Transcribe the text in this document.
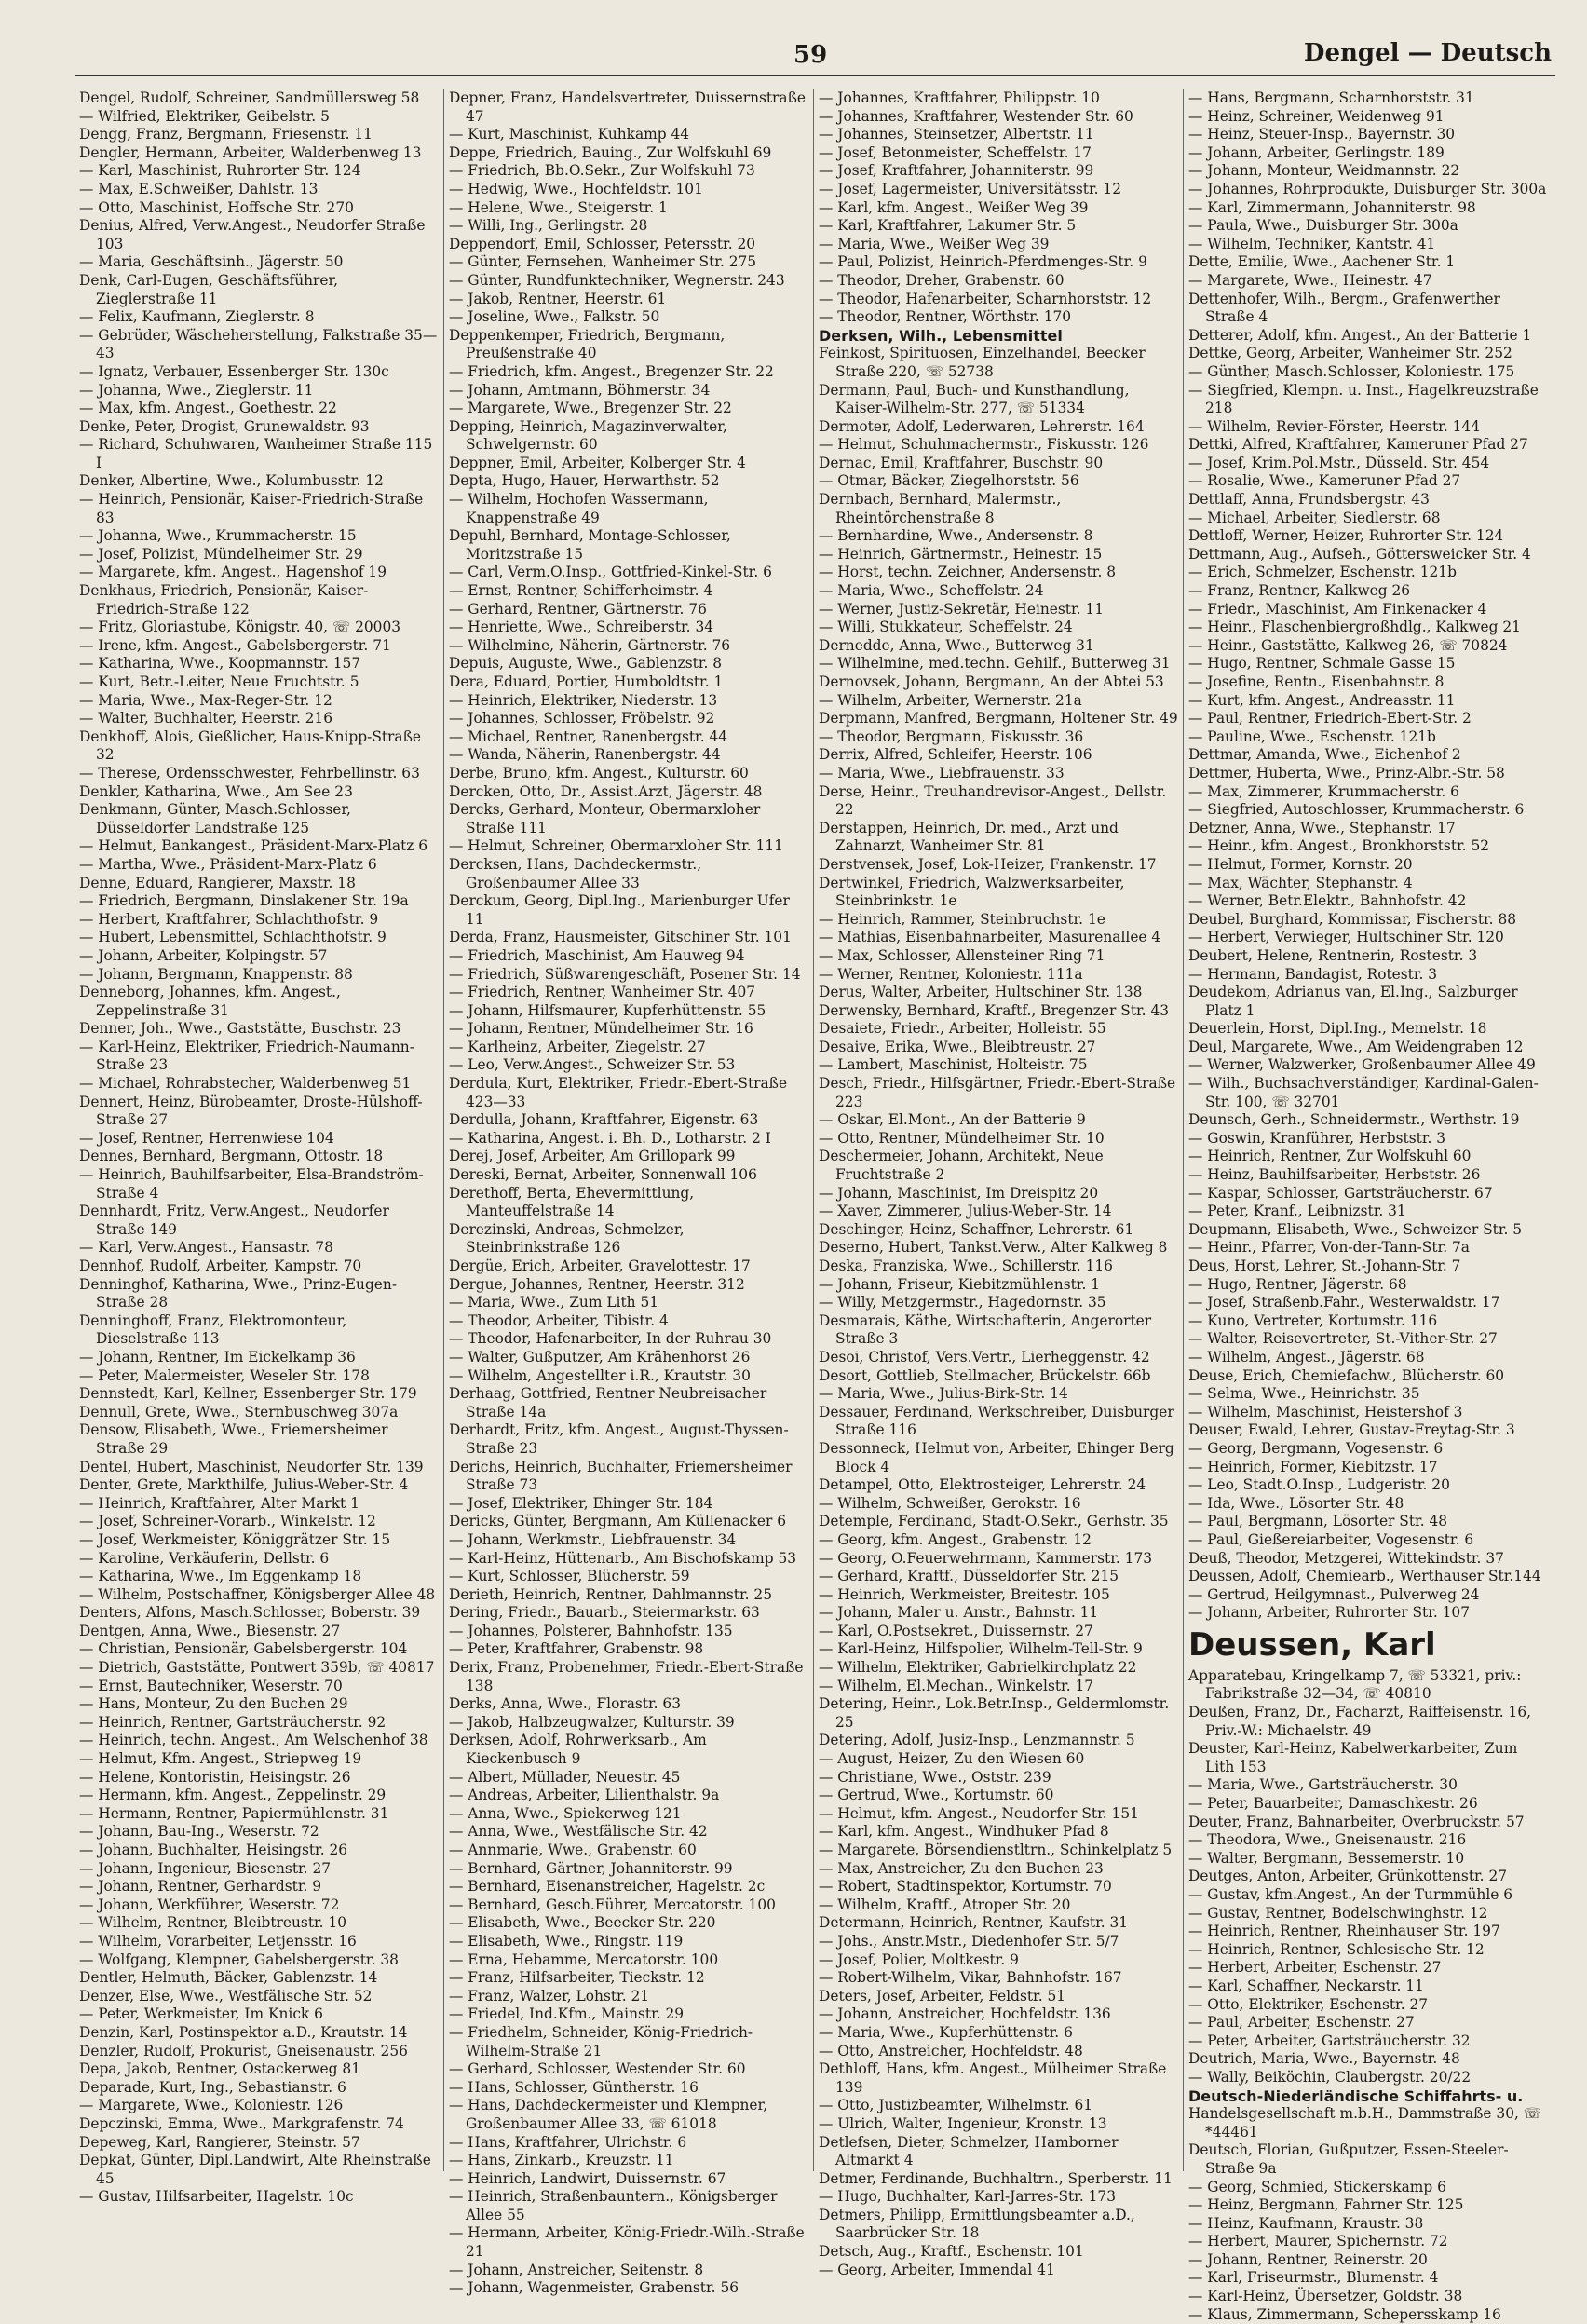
59	Dengel — Deutsch
Dengel, Rudolf, Schreiner, Sandmüllersweg 58
— Wilfried, Elektriker, Geibelstr. 5
Dengg, Franz, Bergmann, Friesenstr. 11
Dengler, Hermann, Arbeiter, Walderbenweg 13
— Karl, Maschinist, Ruhrorter Str. 124
— Max, E.Schweißer, Dahlstr. 13
— Otto, Maschinist, Hoffsche Str. 270
Denius, Alfred, Verw.Angest., Neudorfer Straße 103
— Maria, Geschäftsinh., Jägerstr. 50
Denk, Carl-Eugen, Geschäftsführer, Zieglerstraße 11
— Felix, Kaufmann, Zieglerstr. 8
— Gebrüder, Wäscheherstellung, Falkstraße 35—43
— Ignatz, Verbauer, Essenberger Str. 130c
— Johanna, Wwe., Zieglerstr. 11
— Max, kfm. Angest., Goethestr. 22
Denke, Peter, Drogist, Grunewaldstr. 93
— Richard, Schuhwaren, Wanheimer Straße 115 I
Denker, Albertine, Wwe., Kolumbusstr. 12
— Heinrich, Pensionär, Kaiser-Friedrich-Straße 83
— Johanna, Wwe., Krummacherstr. 15
— Josef, Polizist, Mündelheimer Str. 29
— Margarete, kfm. Angest., Hagenshof 19
Denkhaus, Friedrich, Pensionär, Kaiser-Friedrich-Straße 122
— Fritz, Gloriastube, Königstr. 40, ☏ 20003
— Irene, kfm. Angest., Gabelsbergerstr. 71
— Katharina, Wwe., Koopmannstr. 157
— Kurt, Betr.-Leiter, Neue Fruchtstr. 5
— Maria, Wwe., Max-Reger-Str. 12
— Walter, Buchhalter, Heerstr. 216
Denkhoff, Alois, Gießlicher, Haus-Knipp-Straße 32
— Therese, Ordensschwester, Fehrbellinstr. 63
Denkler, Katharina, Wwe., Am See 23
Denkmann, Günter, Masch.Schlosser, Düsseldorfer Landstraße 125
— Helmut, Bankangest., Präsident-Marx-Platz 6
— Martha, Wwe., Präsident-Marx-Platz 6
Denne, Eduard, Rangierer, Maxstr. 18
— Friedrich, Bergmann, Dinslakener Str. 19a
— Herbert, Kraftfahrer, Schlachthofstr. 9
— Hubert, Lebensmittel, Schlachthofstr. 9
— Johann, Arbeiter, Kolpingstr. 57
— Johann, Bergmann, Knappenstr. 88
Denneborg, Johannes, kfm. Angest., Zeppelinstraße 31
Denner, Joh., Wwe., Gaststätte, Buschstr. 23
— Karl-Heinz, Elektriker, Friedrich-Naumann-Straße 23
— Michael, Rohrabstecher, Walderbenweg 51
Dennert, Heinz, Bürobeamter, Droste-Hülshoff-Straße 27
— Josef, Rentner, Herrenwiese 104
Dennes, Bernhard, Bergmann, Ottostr. 18
— Heinrich, Bauhilfsarbeiter, Elsa-Brandström-Straße 4
Dennhardt, Fritz, Verw.Angest., Neudorfer Straße 149
— Karl, Verw.Angest., Hansastr. 78
Dennhof, Rudolf, Arbeiter, Kampstr. 70
Denninghof, Katharina, Wwe., Prinz-Eugen-Straße 28
Denninghoff, Franz, Elektromonteur, Dieselstraße 113
— Johann, Rentner, Im Eickelkamp 36
— Peter, Malermeister, Weseler Str. 178
Dennstedt, Karl, Kellner, Essenberger Str. 179
Dennull, Grete, Wwe., Sternbuschweg 307a
Densow, Elisabeth, Wwe., Friemersheimer Straße 29
Dentel, Hubert, Maschinist, Neudorfer Str. 139
Denter, Grete, Markthilfe, Julius-Weber-Str. 4
— Heinrich, Kraftfahrer, Alter Markt 1
— Josef, Schreiner-Vorarb., Winkelstr. 12
— Josef, Werkmeister, Königgrätzer Str. 15
— Karoline, Verkäuferin, Dellstr. 6
— Katharina, Wwe., Im Eggenkamp 18
— Wilhelm, Postschaffner, Königsberger Allee 48
Denters, Alfons, Masch.Schlosser, Boberstr. 39
Dentgen, Anna, Wwe., Biesenstr. 27
— Christian, Pensionär, Gabelsbergerstr. 104
— Dietrich, Gaststätte, Pontwert 359b, ☏ 40817
— Ernst, Bautechniker, Weserstr. 70
— Hans, Monteur, Zu den Buchen 29
— Heinrich, Rentner, Gartsträucherstr. 92
— Heinrich, techn. Angest., Am Welschenhof 38
— Helmut, Kfm. Angest., Striepweg 19
— Helene, Kontoristin, Heisingstr. 26
— Hermann, kfm. Angest., Zeppelinstr. 29
— Hermann, Rentner, Papiermühlenstr. 31
— Johann, Bau-Ing., Weserstr. 72
— Johann, Buchhalter, Heisingstr. 26
— Johann, Ingenieur, Biesenstr. 27
— Johann, Rentner, Gerhardstr. 9
— Johann, Werkführer, Weserstr. 72
— Wilhelm, Rentner, Bleibtreustr. 10
— Wilhelm, Vorarbeiter, Letjensstr. 16
— Wolfgang, Klempner, Gabelsbergerstr. 38
Dentler, Helmuth, Bäcker, Gablenzstr. 14
Denzer, Else, Wwe., Westfälische Str. 52
— Peter, Werkmeister, Im Knick 6
Denzin, Karl, Postinspektor a.D., Krautstr. 14
Denzler, Rudolf, Prokurist, Gneisenaustr. 256
Depa, Jakob, Rentner, Ostackerweg 81
Deparade, Kurt, Ing., Sebastianstr. 6
— Margarete, Wwe., Koloniestr. 126
Depczinski, Emma, Wwe., Markgrafenstr. 74
Depeweg, Karl, Rangierer, Steinstr. 57
Depkat, Günter, Dipl.Landwirt, Alte Rheinstraße 45
— Gustav, Hilfsarbeiter, Hagelstr. 10c
Depner, Franz, Handelsvertreter, Duissernstraße 47
— Kurt, Maschinist, Kuhkamp 44
Deppe, Friedrich, Bauing., Zur Wolfskuhl 69
— Friedrich, Bb.O.Sekr., Zur Wolfskuhl 73
— Hedwig, Wwe., Hochfeldstr. 101
— Helene, Wwe., Steigerstr. 1
— Willi, Ing., Gerlingstr. 28
Deppendorf, Emil, Schlosser, Petersstr. 20
— Günter, Fernsehen, Wanheimer Str. 275
— Günter, Rundfunktechniker, Wegnerstr. 243
— Jakob, Rentner, Heerstr. 61
— Joseline, Wwe., Falkstr. 50
Deppenkemper, Friedrich, Bergmann, Preußenstraße 40
— Friedrich, kfm. Angest., Bregenzer Str. 22
— Johann, Amtmann, Böhmerstr. 34
— Margarete, Wwe., Bregenzer Str. 22
Depping, Heinrich, Magazinverwalter, Schwelgernstr. 60
Deppner, Emil, Arbeiter, Kolberger Str. 4
Depta, Hugo, Hauer, Herwarthstr. 52
— Wilhelm, Hochofen Wassermann, Knappenstraße 49
Depuhl, Bernhard, Montage-Schlosser, Moritzstraße 15
— Carl, Verm.O.Insp., Gottfried-Kinkel-Str. 6
— Ernst, Rentner, Schifferheimstr. 4
— Gerhard, Rentner, Gärtnerstr. 76
— Henriette, Wwe., Schreiberstr. 34
— Wilhelmine, Näherin, Gärtnerstr. 76
Depuis, Auguste, Wwe., Gablenzstr. 8
Dera, Eduard, Portier, Humboldtstr. 1
— Heinrich, Elektriker, Niederstr. 13
— Johannes, Schlosser, Fröbelstr. 92
— Michael, Rentner, Ranenbergstr. 44
— Wanda, Näherin, Ranenbergstr. 44
Derbe, Bruno, kfm. Angest., Kulturstr. 60
Dercken, Otto, Dr., Assist.Arzt, Jägerstr. 48
Dercks, Gerhard, Monteur, Obermarxloher Straße 111
— Helmut, Schreiner, Obermarxloher Str. 111
Dercksen, Hans, Dachdeckermstr., Großenbaumer Allee 33
Derckum, Georg, Dipl.Ing., Marienburger Ufer 11
Derda, Franz, Hausmeister, Gitschiner Str. 101
— Friedrich, Maschinist, Am Hauweg 94
— Friedrich, Süßwarengeschäft, Posener Str. 14
— Friedrich, Rentner, Wanheimer Str. 407
— Johann, Hilfsmaurer, Kupferhüttenstr. 55
— Johann, Rentner, Mündelheimer Str. 16
— Karlheinz, Arbeiter, Ziegelstr. 27
— Leo, Verw.Angest., Schweizer Str. 53
Derdula, Kurt, Elektriker, Friedr.-Ebert-Straße 423—33
Derdulla, Johann, Kraftfahrer, Eigenstr. 63
— Katharina, Angest. i. Bh. D., Lotharstr. 2 I
Derej, Josef, Arbeiter, Am Grillopark 99
Dereski, Bernat, Arbeiter, Sonnenwall 106
Derethoff, Berta, Ehevermittlung, Manteuffelstraße 14
Derezinski, Andreas, Schmelzer, Steinbrinkstraße 126
Dergüe, Erich, Arbeiter, Gravelottestr. 17
Dergue, Johannes, Rentner, Heerstr. 312
— Maria, Wwe., Zum Lith 51
— Theodor, Arbeiter, Tibistr. 4
— Theodor, Hafenarbeiter, In der Ruhrau 30
— Walter, Gußputzer, Am Krähenhorst 26
— Wilhelm, Angestellter i.R., Krautstr. 30
Derhaag, Gottfried, Rentner Neubreisacher Straße 14a
Derhardt, Fritz, kfm. Angest., August-Thyssen-Straße 23
Derichs, Heinrich, Buchhalter, Friemersheimer Straße 73
— Josef, Elektriker, Ehinger Str. 184
Dericks, Günter, Bergmann, Am Küllenacker 6
— Johann, Werkmstr., Liebfrauenstr. 34
— Karl-Heinz, Hüttenarb., Am Bischofskamp 53
— Kurt, Schlosser, Blücherstr. 59
Derieth, Heinrich, Rentner, Dahlmannstr. 25
Dering, Friedr., Bauarb., Steiermarkstr. 63
— Johannes, Polsterer, Bahnhofstr. 135
— Peter, Kraftfahrer, Grabenstr. 98
Derix, Franz, Probenehmer, Friedr.-Ebert-Straße 138
Derks, Anna, Wwe., Florastr. 63
— Jakob, Halbzeugwalzer, Kulturstr. 39
Derksen, Adolf, Rohrwerksarb., Am Kieckenbusch 9
— Albert, Müllader, Neuestr. 45
— Andreas, Arbeiter, Lilienthalstr. 9a
— Anna, Wwe., Spiekerweg 121
— Anna, Wwe., Westfälische Str. 42
— Annmarie, Wwe., Grabenstr. 60
— Bernhard, Gärtner, Johanniterstr. 99
— Bernhard, Eisenanstreicher, Hagelstr. 2c
— Bernhard, Gesch.Führer, Mercatorstr. 100
— Elisabeth, Wwe., Beecker Str. 220
— Elisabeth, Wwe., Ringstr. 119
— Erna, Hebamme, Mercatorstr. 100
— Franz, Hilfsarbeiter, Tieckstr. 12
— Franz, Walzer, Lohstr. 21
— Friedel, Ind.Kfm., Mainstr. 29
— Friedhelm, Schneider, König-Friedrich-Wilhelm-Straße 21
— Gerhard, Schlosser, Westender Str. 60
— Hans, Schlosser, Güntherstr. 16
— Hans, Dachdeckermeister und Klempner, Großenbaumer Allee 33, ☏ 61018
— Hans, Kraftfahrer, Ulrichstr. 6
— Hans, Zinkarb., Kreuzstr. 11
— Heinrich, Landwirt, Duissernstr. 67
— Heinrich, Straßenbauntern., Königsberger Allee 55
— Hermann, Arbeiter, König-Friedr.-Wilh.-Straße 21
— Johann, Anstreicher, Seitenstr. 8
— Johann, Wagenmeister, Grabenstr. 56
— Johannes, Kraftfahrer, Philippstr. 10
— Johannes, Kraftfahrer, Westender Str. 60
— Johannes, Steinsetzer, Albertstr. 11
— Josef, Betonmeister, Scheffelstr. 17
— Josef, Kraftfahrer, Johanniterstr. 99
— Josef, Lagermeister, Universitätsstr. 12
— Karl, kfm. Angest., Weißer Weg 39
— Karl, Kraftfahrer, Lakumer Str. 5
— Maria, Wwe., Weißer Weg 39
— Paul, Polizist, Heinrich-Pferdmenges-Str. 9
— Theodor, Dreher, Grabenstr. 60
— Theodor, Hafenarbeiter, Scharnhorststr. 12
— Theodor, Rentner, Wörthstr. 170
Derksen, Wilh., Lebensmittel
Feinkost, Spirituosen, Einzelhandel, Beecker Straße 220, ☏ 52738
Dermann, Paul, Buch- und Kunsthandlung, Kaiser-Wilhelm-Str. 277, ☏ 51334
Dermoter, Adolf, Lederwaren, Lehrerstr. 164
— Helmut, Schuhmachermstr., Fiskusstr. 126
Dernac, Emil, Kraftfahrer, Buschstr. 90
— Otmar, Bäcker, Ziegelhorststr. 56
Dernbach, Bernhard, Malermstr., Rheintörchenstraße 8
— Bernhardine, Wwe., Andersenstr. 8
— Heinrich, Gärtnermstr., Heinestr. 15
— Horst, techn. Zeichner, Andersenstr. 8
— Maria, Wwe., Scheffelstr. 24
— Werner, Justiz-Sekretär, Heinestr. 11
— Willi, Stukkateur, Scheffelstr. 24
Dernedde, Anna, Wwe., Butterweg 31
— Wilhelmine, med.techn. Gehilf., Butterweg 31
Dernovsek, Johann, Bergmann, An der Abtei 53
— Wilhelm, Arbeiter, Wernerstr. 21a
Derpmann, Manfred, Bergmann, Holtener Str. 49
— Theodor, Bergmann, Fiskusstr. 36
Derrix, Alfred, Schleifer, Heerstr. 106
— Maria, Wwe., Liebfrauenstr. 33
Derse, Heinr., Treuhandrevisor-Angest., Dellstr. 22
Derstappen, Heinrich, Dr. med., Arzt und Zahnarzt, Wanheimer Str. 81
Derstvensek, Josef, Lok-Heizer, Frankenstr. 17
Dertwinkel, Friedrich, Walzwerksarbeiter, Steinbrinkstr. 1e
— Heinrich, Rammer, Steinbruchstr. 1e
— Mathias, Eisenbahnarbeiter, Masurenallee 4
— Max, Schlosser, Allensteiner Ring 71
— Werner, Rentner, Koloniestr. 111a
Derus, Walter, Arbeiter, Hultschiner Str. 138
Derwensky, Bernhard, Kraftf., Bregenzer Str. 43
Desaiete, Friedr., Arbeiter, Holleistr. 55
Desaive, Erika, Wwe., Bleibtreustr. 27
— Lambert, Maschinist, Holteistr. 75
Desch, Friedr., Hilfsgärtner, Friedr.-Ebert-Straße 223
— Oskar, El.Mont., An der Batterie 9
— Otto, Rentner, Mündelheimer Str. 10
Deschermeier, Johann, Architekt, Neue Fruchtstraße 2
— Johann, Maschinist, Im Dreispitz 20
— Xaver, Zimmerer, Julius-Weber-Str. 14
Deschinger, Heinz, Schaffner, Lehrerstr. 61
Deserno, Hubert, Tankst.Verw., Alter Kalkweg 8
Deska, Franziska, Wwe., Schillerstr. 116
— Johann, Friseur, Kiebitzmühlenstr. 1
— Willy, Metzgermstr., Hagedornstr. 35
Desmarais, Käthe, Wirtschafterin, Angerorter Straße 3
Desoi, Christof, Vers.Vertr., Lierheggenstr. 42
Desort, Gottlieb, Stellmacher, Brückelstr. 66b
— Maria, Wwe., Julius-Birk-Str. 14
Dessauer, Ferdinand, Werkschreiber, Duisburger Straße 116
Dessonneck, Helmut von, Arbeiter, Ehinger Berg Block 4
Detampel, Otto, Elektrosteiger, Lehrerstr. 24
— Wilhelm, Schweißer, Gerokstr. 16
Detemple, Ferdinand, Stadt-O.Sekr., Gerhstr. 35
— Georg, kfm. Angest., Grabenstr. 12
— Georg, O.Feuerwehrmann, Kammerstr. 173
— Gerhard, Kraftf., Düsseldorfer Str. 215
— Heinrich, Werkmeister, Breitestr. 105
— Johann, Maler u. Anstr., Bahnstr. 11
— Karl, O.Postsekret., Duissernstr. 27
— Karl-Heinz, Hilfspolier, Wilhelm-Tell-Str. 9
— Wilhelm, Elektriker, Gabrielkirchplatz 22
— Wilhelm, El.Mechan., Winkelstr. 17
Detering, Heinr., Lok.Betr.Insp., Geldermlomstr. 25
Detering, Adolf, Jusiz-Insp., Lenzmannstr. 5
— August, Heizer, Zu den Wiesen 60
— Christiane, Wwe., Oststr. 239
— Gertrud, Wwe., Kortumstr. 60
— Helmut, kfm. Angest., Neudorfer Str. 151
— Karl, kfm. Angest., Windhuker Pfad 8
— Margarete, Börsendienstltrn., Schinkelplatz 5
— Max, Anstreicher, Zu den Buchen 23
— Robert, Stadtinspektor, Kortumstr. 70
— Wilhelm, Kraftf., Atroper Str. 20
Determann, Heinrich, Rentner, Kaufstr. 31
— Johs., Anstr.Mstr., Diedenhofer Str. 5/7
— Josef, Polier, Moltkestr. 9
— Robert-Wilhelm, Vikar, Bahnhofstr. 167
Deters, Josef, Arbeiter, Feldstr. 51
— Johann, Anstreicher, Hochfeldstr. 136
— Maria, Wwe., Kupferhüttenstr. 6
— Otto, Anstreicher, Hochfeldstr. 48
Dethloff, Hans, kfm. Angest., Mülheimer Straße 139
— Otto, Justizbeamter, Wilhelmstr. 61
— Ulrich, Walter, Ingenieur, Kronstr. 13
Detlefsen, Dieter, Schmelzer, Hamborner Altmarkt 4
Detmer, Ferdinande, Buchhaltrn., Sperberstr. 11
— Hugo, Buchhalter, Karl-Jarres-Str. 173
Detmers, Philipp, Ermittlungsbeamter a.D., Saarbrücker Str. 18
Detsch, Aug., Kraftf., Eschenstr. 101
— Georg, Arbeiter, Immendal 41
— Hans, Bergmann, Scharnhorststr. 31
— Heinz, Schreiner, Weidenweg 91
— Heinz, Steuer-Insp., Bayernstr. 30
— Johann, Arbeiter, Gerlingstr. 189
— Johann, Monteur, Weidmannstr. 22
— Johannes, Rohrprodukte, Duisburger Str. 300a
— Karl, Zimmermann, Johanniterstr. 98
— Paula, Wwe., Duisburger Str. 300a
— Wilhelm, Techniker, Kantstr. 41
Dette, Emilie, Wwe., Aachener Str. 1
— Margarete, Wwe., Heinestr. 47
Dettenhofer, Wilh., Bergm., Grafenwerther Straße 4
Detterer, Adolf, kfm. Angest., An der Batterie 1
Dettke, Georg, Arbeiter, Wanheimer Str. 252
— Günther, Masch.Schlosser, Koloniestr. 175
— Siegfried, Klempn. u. Inst., Hagelkreuzstraße 218
— Wilhelm, Revier-Förster, Heerstr. 144
Dettki, Alfred, Kraftfahrer, Kameruner Pfad 27
— Josef, Krim.Pol.Mstr., Düsseld. Str. 454
— Rosalie, Wwe., Kameruner Pfad 27
Dettlaff, Anna, Frundsbergstr. 43
— Michael, Arbeiter, Siedlerstr. 68
Dettloff, Werner, Heizer, Ruhrorter Str. 124
Dettmann, Aug., Aufseh., Göttersweicker Str. 4
— Erich, Schmelzer, Eschenstr. 121b
— Franz, Rentner, Kalkweg 26
— Friedr., Maschinist, Am Finkenacker 4
— Heinr., Flaschenbiergroßhdlg., Kalkweg 21
— Heinr., Gaststätte, Kalkweg 26, ☏ 70824
— Hugo, Rentner, Schmale Gasse 15
— Josefine, Rentn., Eisenbahnstr. 8
— Kurt, kfm. Angest., Andreasstr. 11
— Paul, Rentner, Friedrich-Ebert-Str. 2
— Pauline, Wwe., Eschenstr. 121b
Dettmar, Amanda, Wwe., Eichenhof 2
Dettmer, Huberta, Wwe., Prinz-Albr.-Str. 58
— Max, Zimmerer, Krummacherstr. 6
— Siegfried, Autoschlosser, Krummacherstr. 6
Detzner, Anna, Wwe., Stephanstr. 17
— Heinr., kfm. Angest., Bronkhorststr. 52
— Helmut, Former, Kornstr. 20
— Max, Wächter, Stephanstr. 4
— Werner, Betr.Elektr., Bahnhofstr. 42
Deubel, Burghard, Kommissar, Fischerstr. 88
— Herbert, Verwieger, Hultschiner Str. 120
Deubert, Helene, Rentnerin, Rostestr. 3
— Hermann, Bandagist, Rotestr. 3
Deudekom, Adrianus van, El.Ing., Salzburger Platz 1
Deuerlein, Horst, Dipl.Ing., Memelstr. 18
Deul, Margarete, Wwe., Am Weidengraben 12
— Werner, Walzwerker, Großenbaumer Allee 49
— Wilh., Buchsachverständiger, Kardinal-Galen-Str. 100, ☏ 32701
Deunsch, Gerh., Schneidermstr., Werthstr. 19
— Goswin, Kranführer, Herbststr. 3
— Heinrich, Rentner, Zur Wolfskuhl 60
— Heinz, Bauhilfsarbeiter, Herbststr. 26
— Kaspar, Schlosser, Gartsträucherstr. 67
— Peter, Kranf., Leibnizstr. 31
Deupmann, Elisabeth, Wwe., Schweizer Str. 5
— Heinr., Pfarrer, Von-der-Tann-Str. 7a
Deus, Horst, Lehrer, St.-Johann-Str. 7
— Hugo, Rentner, Jägerstr. 68
— Josef, Straßenb.Fahr., Westerwaldstr. 17
— Kuno, Vertreter, Kortumstr. 116
— Walter, Reisevertreter, St.-Vither-Str. 27
— Wilhelm, Angest., Jägerstr. 68
Deuse, Erich, Chemiefachw., Blücherstr. 60
— Selma, Wwe., Heinrichstr. 35
— Wilhelm, Maschinist, Heistershof 3
Deuser, Ewald, Lehrer, Gustav-Freytag-Str. 3
— Georg, Bergmann, Vogesenstr. 6
— Heinrich, Former, Kiebitzstr. 17
— Leo, Stadt.O.Insp., Ludgeristr. 20
— Ida, Wwe., Lösorter Str. 48
— Paul, Bergmann, Lösorter Str. 48
— Paul, Gießereiarbeiter, Vogesenstr. 6
Deuß, Theodor, Metzgerei, Wittekindstr. 37
Deussen, Adolf, Chemiearb., Werthauser Str.144
— Gertrud, Heilgymnast., Pulverweg 24
— Johann, Arbeiter, Ruhrorter Str. 107
Deussen, Karl
Apparatebau, Kringelkamp 7, ☏ 53321, priv.: Fabrikstraße 32—34, ☏ 40810
Deußen, Franz, Dr., Facharzt, Raiffeisenstr. 16, Priv.-W.: Michaelstr. 49
Deuster, Karl-Heinz, Kabelwerkarbeiter, Zum Lith 153
— Maria, Wwe., Gartsträucherstr. 30
— Peter, Bauarbeiter, Damaschkestr. 26
Deuter, Franz, Bahnarbeiter, Overbruckstr. 57
— Theodora, Wwe., Gneisenaustr. 216
— Walter, Bergmann, Bessemerstr. 10
Deutges, Anton, Arbeiter, Grünkottenstr. 27
— Gustav, kfm.Angest., An der Turmmühle 6
— Gustav, Rentner, Bodelschwinghstr. 12
— Heinrich, Rentner, Rheinhauser Str. 197
— Heinrich, Rentner, Schlesische Str. 12
— Herbert, Arbeiter, Eschenstr. 27
— Karl, Schaffner, Neckarstr. 11
— Otto, Elektriker, Eschenstr. 27
— Paul, Arbeiter, Eschenstr. 27
— Peter, Arbeiter, Gartsträucherstr. 32
Deutrich, Maria, Wwe., Bayernstr. 48
— Wally, Beiköchin, Claubergstr. 20/22
Deutsch-Niederländische Schiffahrts- u.
Handelsgesellschaft m.b.H., Dammstraße 30, ☏ *44461
Deutsch, Florian, Gußputzer, Essen-Steeler-Straße 9a
— Georg, Schmied, Stickerskamp 6
— Heinz, Bergmann, Fahrner Str. 125
— Heinz, Kaufmann, Kraustr. 38
— Herbert, Maurer, Spichernstr. 72
— Johann, Rentner, Reinerstr. 20
— Karl, Friseurmstr., Blumenstr. 4
— Karl-Heinz, Übersetzer, Goldstr. 38
— Klaus, Zimmermann, Schepersskamp 16
